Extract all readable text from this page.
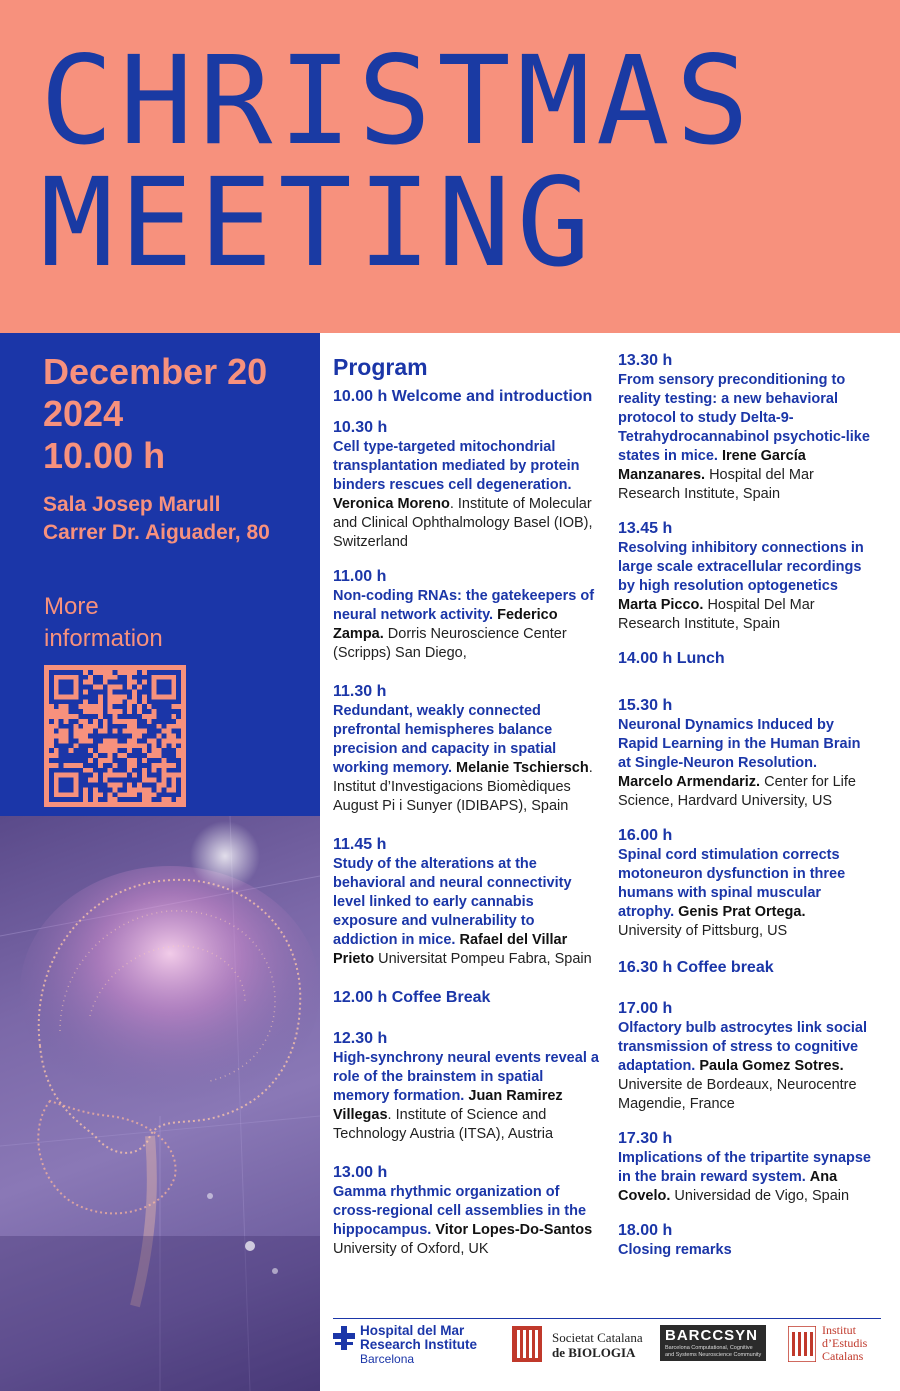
CHRISTMAS
MEETING
December 20
2024
10.00 h
Sala Josep Marull
Carrer Dr. Aiguader, 80
More information
Program
10.00 h Welcome and introduction
10.30 h
Cell type-targeted mitochondrial transplantation mediated by protein binders rescues cell degeneration. Veronica Moreno. Institute of Molecular and Clinical Ophthalmology Basel (IOB), Switzerland
11.00 h
Non-coding RNAs: the gatekeepers of neural network activity. Federico Zampa. Dorris Neuroscience Center (Scripps) San Diego,
11.30 h
Redundant, weakly connected prefrontal hemispheres balance precision and capacity in spatial working memory. Melanie Tschiersch. Institut d’Investigacions Biomèdiques August Pi i Sunyer (IDIBAPS), Spain
11.45 h
Study of the alterations at the behavioral and neural connectivity level linked to early cannabis exposure and vulnerability to addiction in mice. Rafael del Villar Prieto Universitat Pompeu Fabra, Spain
12.00 h Coffee Break
12.30 h
High-synchrony neural events reveal a role of the brainstem in spatial memory formation. Juan Ramirez Villegas. Institute of Science and Technology Austria (ITSA), Austria
13.00 h
Gamma rhythmic organization of cross-regional cell assemblies in the hippocampus. Vitor Lopes-Do-Santos University of Oxford, UK
13.30 h
From sensory preconditioning to reality testing: a new behavioral protocol to study Delta-9-Tetrahydrocannabinol psychotic-like states in mice. Irene García Manzanares. Hospital del Mar Research Institute, Spain
13.45 h
Resolving inhibitory connections in large scale extracellular recordings by high resolution optogenetics Marta Picco. Hospital Del Mar Research Institute, Spain
14.00 h Lunch
15.30 h
Neuronal Dynamics Induced by Rapid Learning in the Human Brain at Single-Neuron Resolution. Marcelo Armendariz. Center for Life Science, Hardvard University, US
16.00 h
Spinal cord stimulation corrects motoneuron dysfunction in three humans with spinal muscular atrophy. Genis Prat Ortega. University of Pittsburg, US
16.30 h Coffee break
17.00 h
Olfactory bulb astrocytes link social transmission of stress to cognitive adaptation. Paula Gomez Sotres. Universite de Bordeaux, Neurocentre Magendie, France
17.30 h
Implications of the tripartite synapse in the brain reward system. Ana Covelo. Universidad de Vigo, Spain
18.00 h
Closing remarks
Hospital del Mar
Research Institute
Barcelona
Societat Catalana
de BIOLOGIA
BARCCSYN
Barcelona Computational, Cognitive
and Systems Neuroscience Community
Institut
d’Estudis
Catalans
